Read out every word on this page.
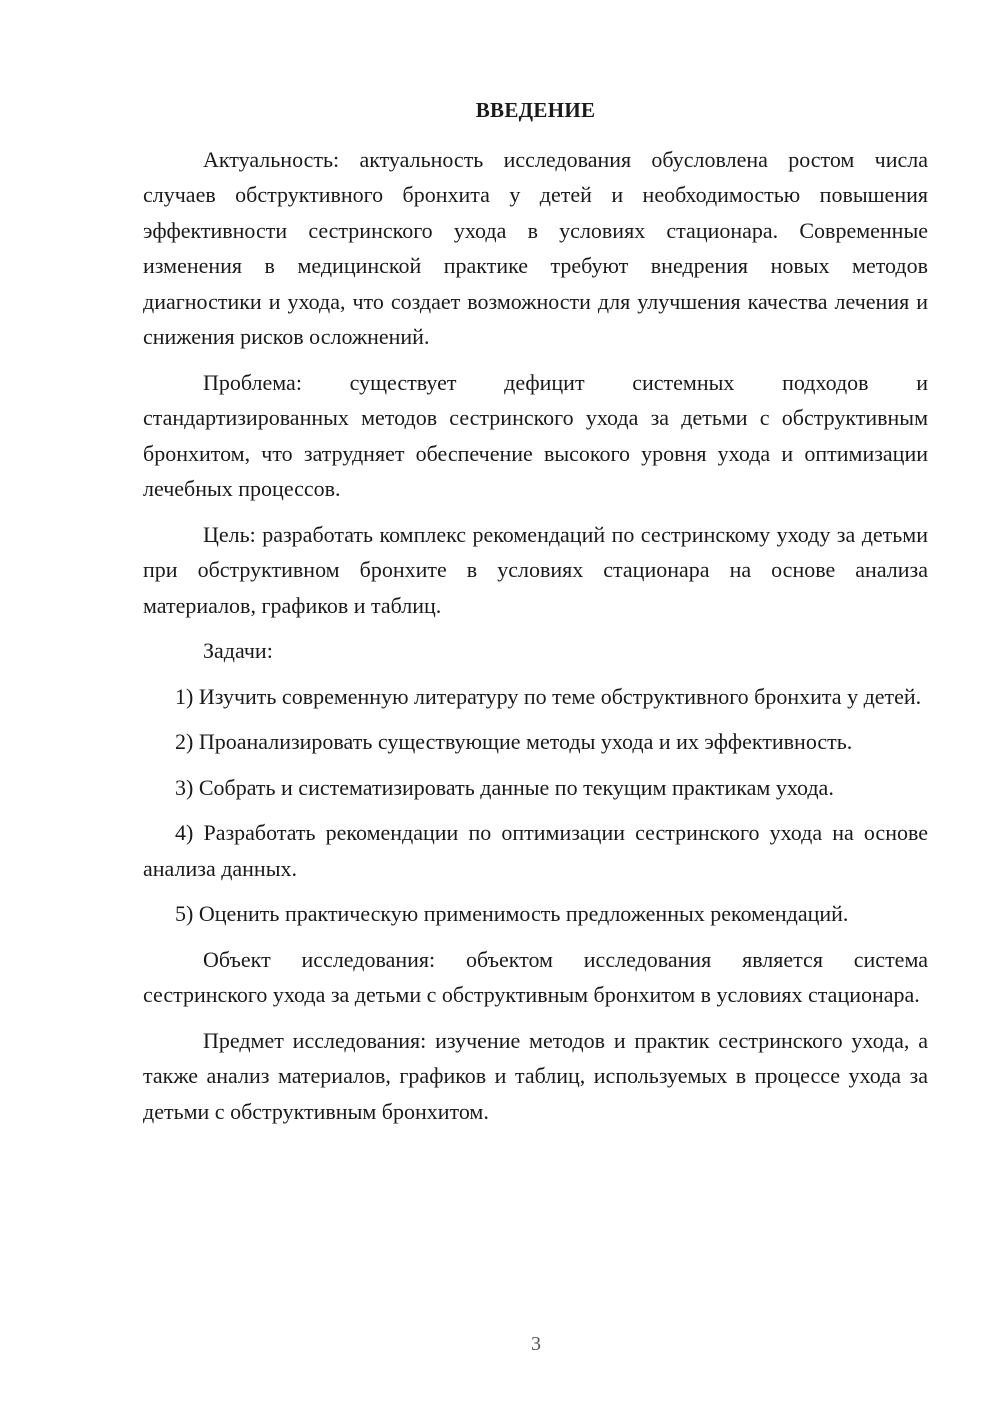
ВВЕДЕНИЕ

Актуальность: актуальность исследования обусловлена ростом числа случаев обструктивного бронхита у детей и необходимостью повышения эффективности сестринского ухода в условиях стационара. Современные изменения в медицинской практике требуют внедрения новых методов диагностики и ухода, что создает возможности для улучшения качества лечения и снижения рисков осложнений.

Проблема: существует дефицит системных подходов и стандартизированных методов сестринского ухода за детьми с обструктивным бронхитом, что затрудняет обеспечение высокого уровня ухода и оптимизации лечебных процессов.

Цель: разработать комплекс рекомендаций по сестринскому уходу за детьми при обструктивном бронхите в условиях стационара на основе анализа материалов, графиков и таблиц.

Задачи:

1) Изучить современную литературу по теме обструктивного бронхита у детей.

2) Проанализировать существующие методы ухода и их эффективность.

3) Собрать и систематизировать данные по текущим практикам ухода.

4) Разработать рекомендации по оптимизации сестринского ухода на основе анализа данных.

5) Оценить практическую применимость предложенных рекомендаций.

Объект исследования: объектом исследования является система сестринского ухода за детьми с обструктивным бронхитом в условиях стационара.

Предмет исследования: изучение методов и практик сестринского ухода, а также анализ материалов, графиков и таблиц, используемых в процессе ухода за детьми с обструктивным бронхитом.

3
